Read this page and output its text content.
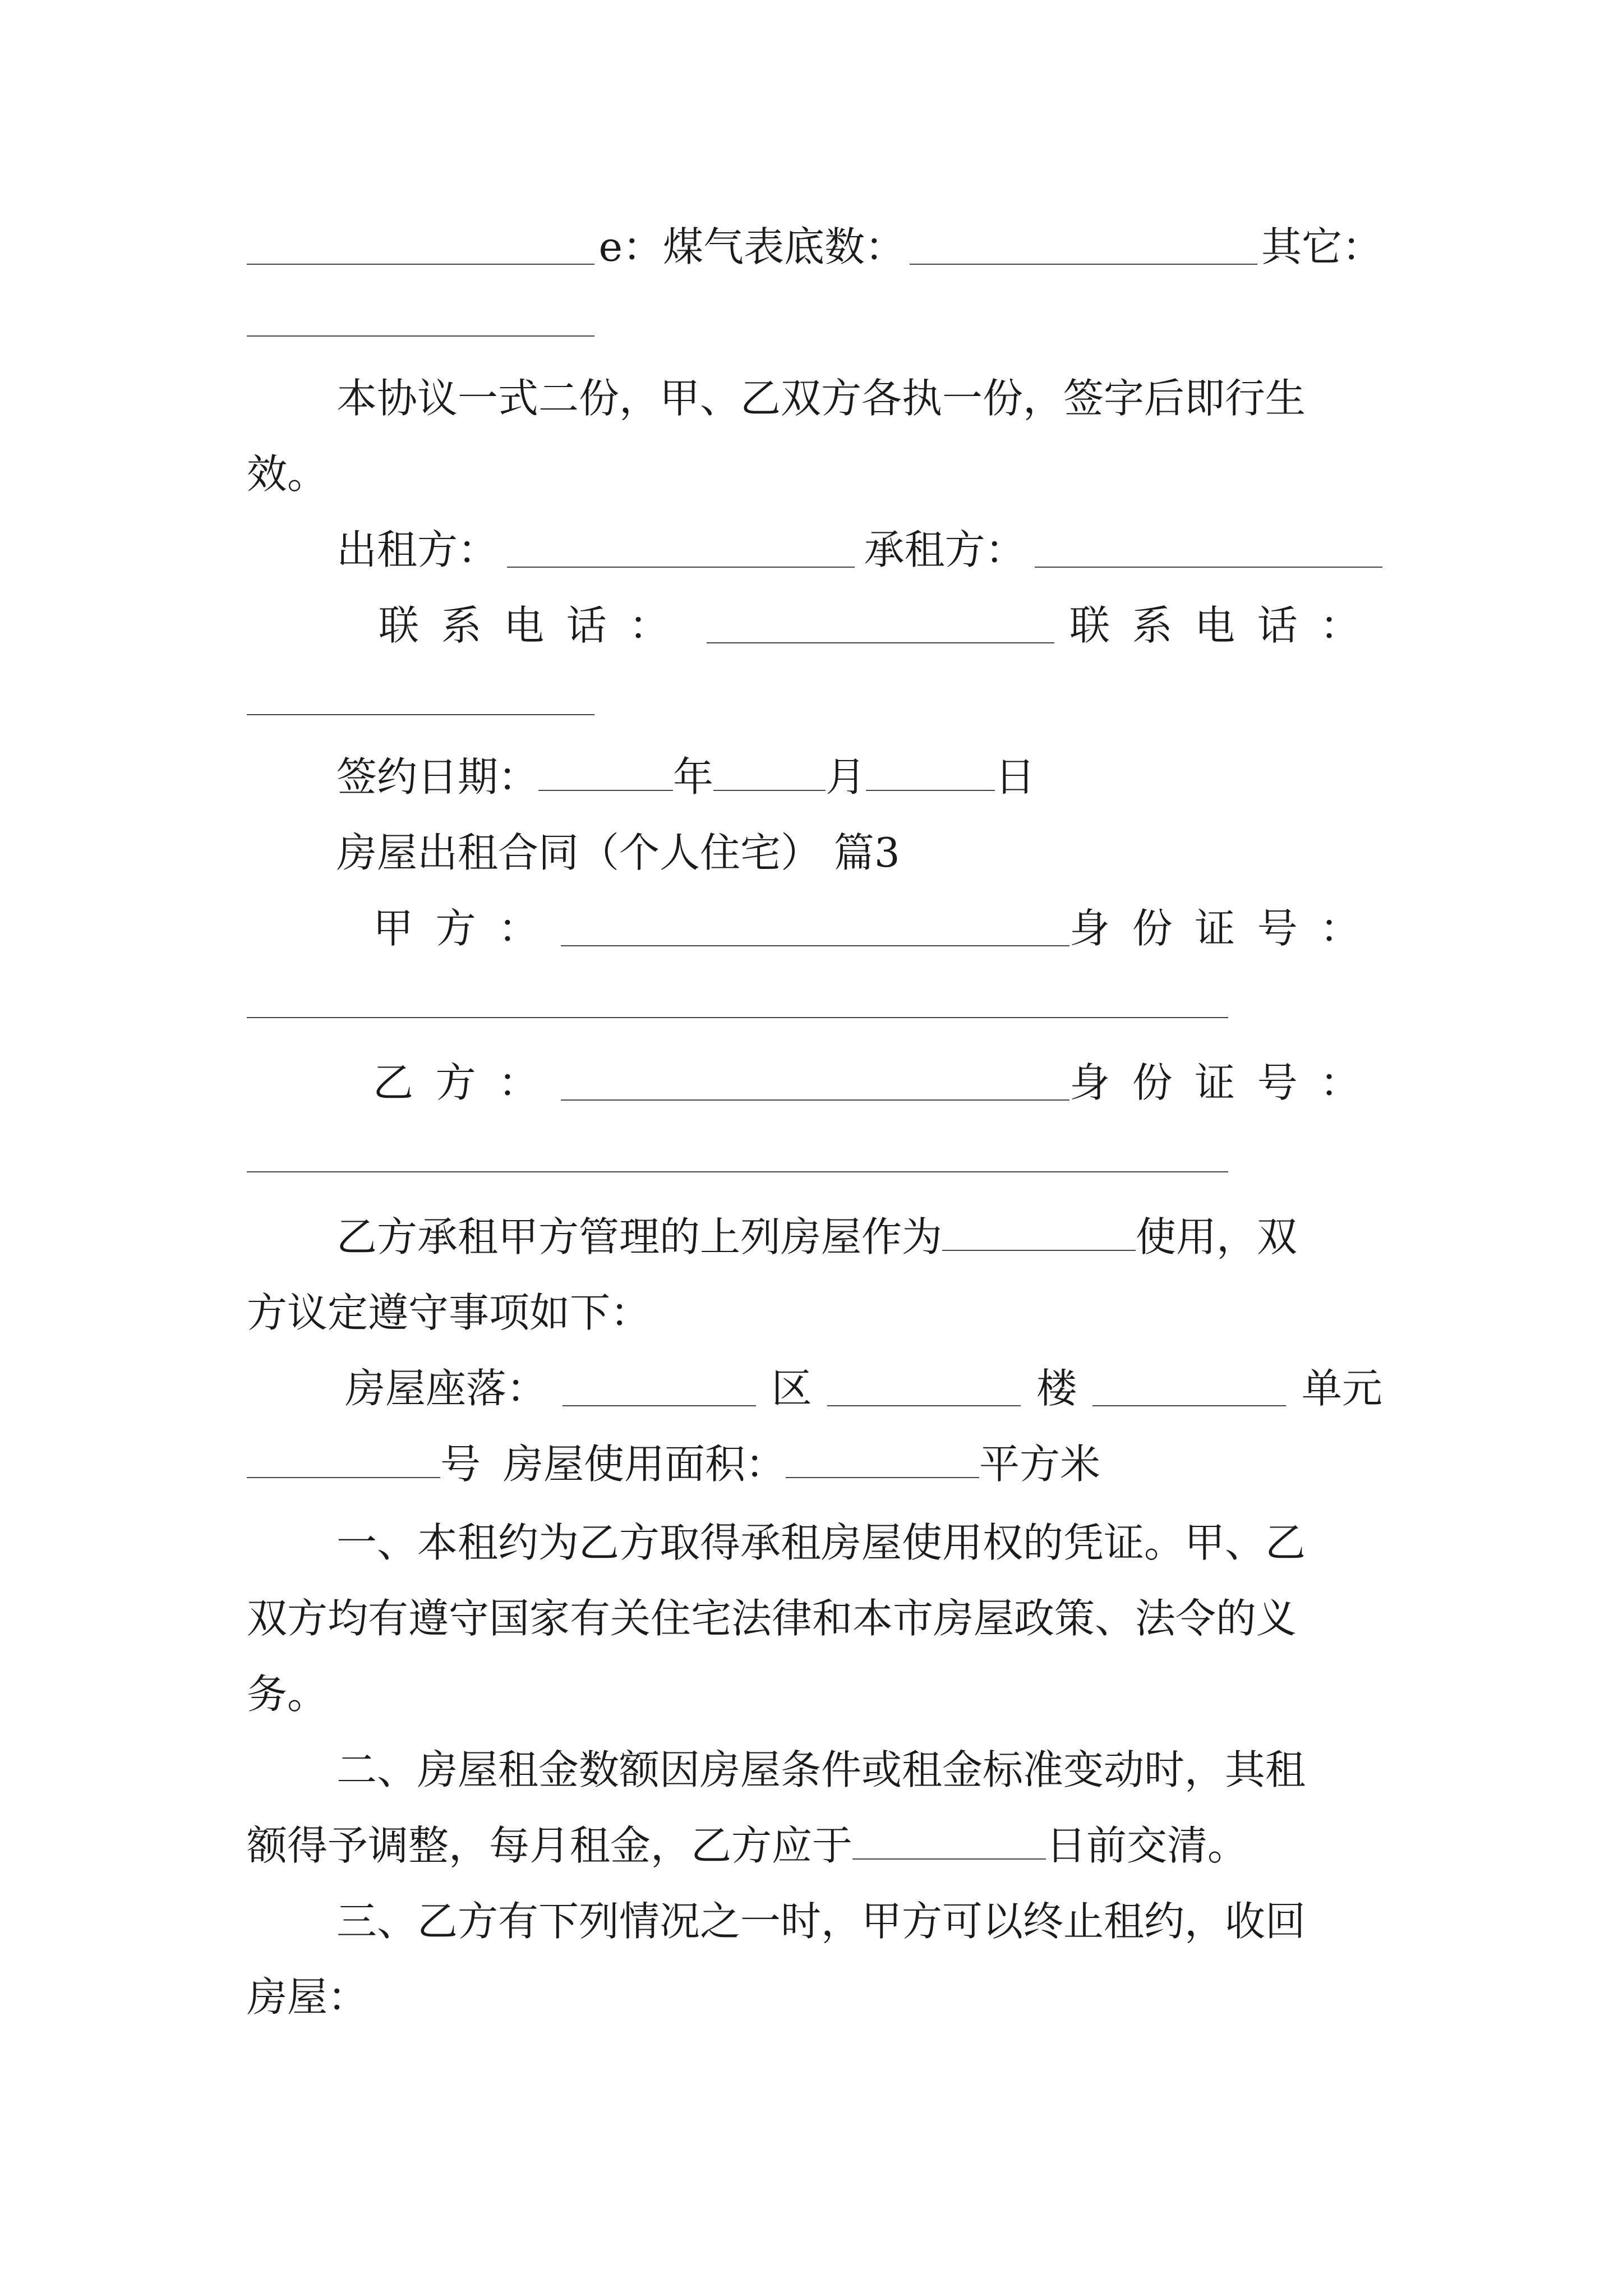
e：煤气表底数：	其它：
本协议一式二份，甲、乙双方各执一份，签字后即行生
效。
出租方：	承租方：
联系电话：	联系电话：
签约日期：	年	月	日
房屋出租合同（个人住宅） 篇3
甲方：	身份证号：
乙方：	身份证号：
乙方承租甲方管理的上列房屋作为	使用，双
方议定遵守事项如下：
房屋座落：	区	楼	单元
号 房屋使用面积：	平方米
一、本租约为乙方取得承租房屋使用权的凭证。甲、乙
双方均有遵守国家有关住宅法律和本市房屋政策、法令的义
务。
二、房屋租金数额因房屋条件或租金标准变动时，其租
额得予调整，每月租金，乙方应于	日前交清。
三、乙方有下列情况之一时，甲方可以终止租约，收回
房屋：
